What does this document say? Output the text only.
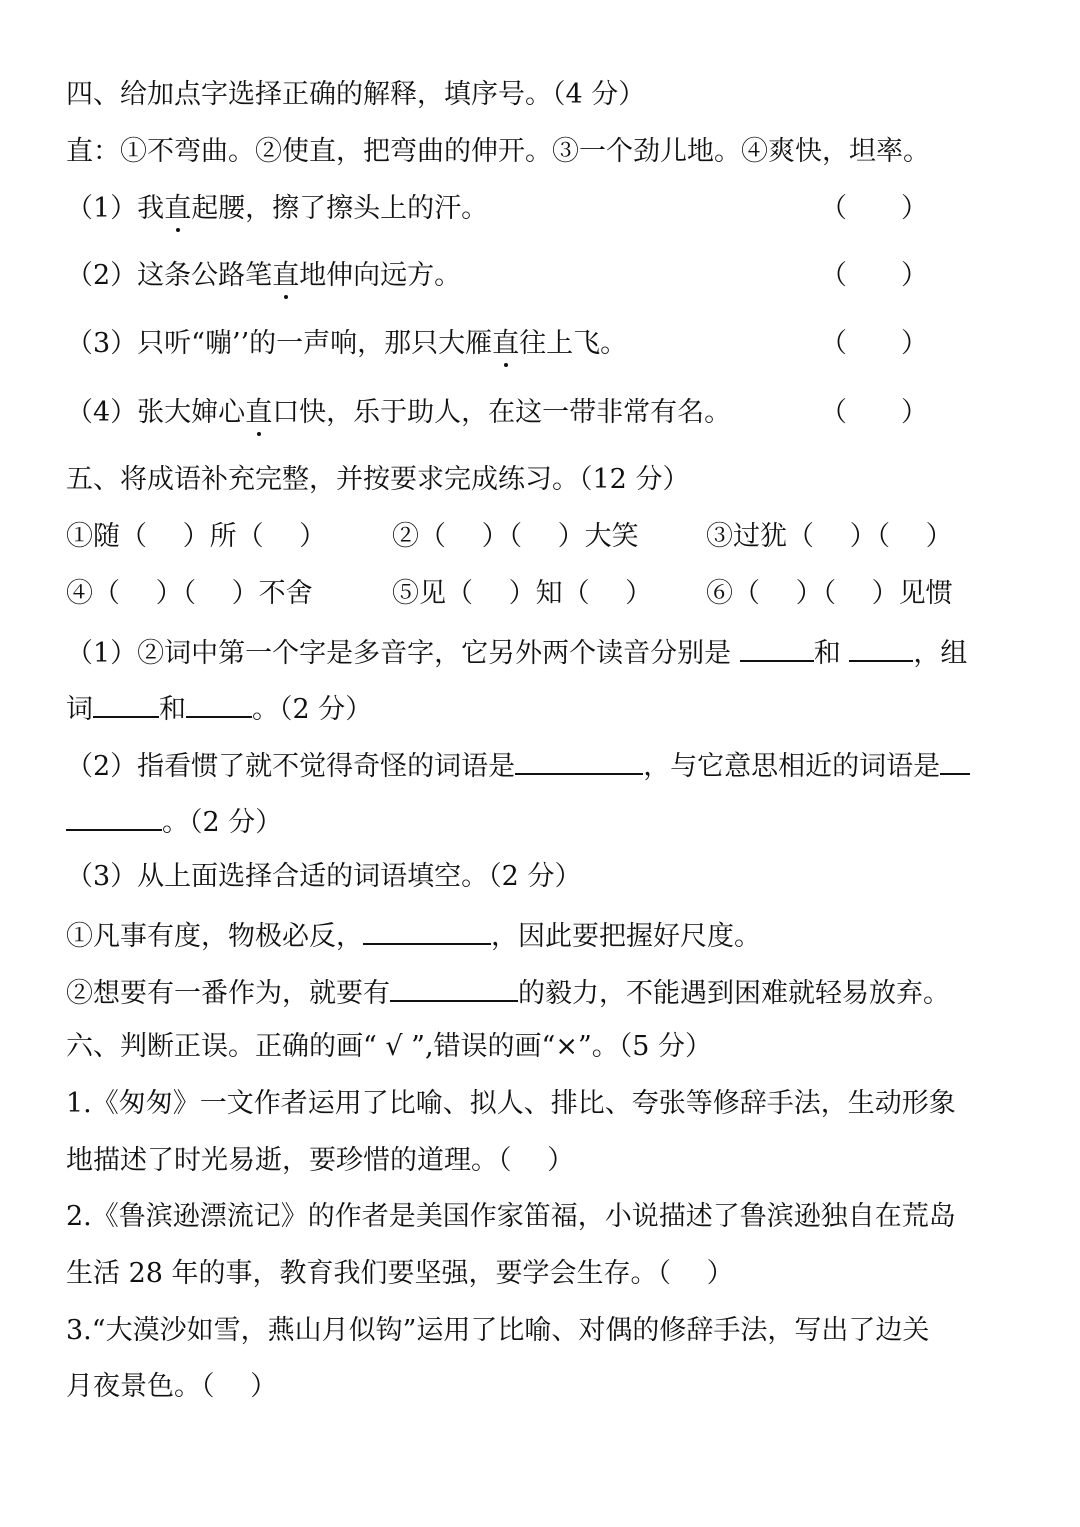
四、给加点字选择正确的解释，填序号。（4 分）
直：①不弯曲。②使直，把弯曲的伸开。③一个劲儿地。④爽快，坦率。
（1）我直起腰，擦了擦头上的汗。	（　　）
（2）这条公路笔直地伸向远方。	（　　）
（3）只听“嘣’’的一声响，那只大雁直往上飞。	（　　）
（4）张大婶心直口快，乐于助人，在这一带非常有名。	（　　）
五、将成语补充完整，并按要求完成练习。（12 分）
①随（　 ）所（　 ） ②（　 ）（　 ）大笑 ③过犹（　 ）（　 ）
④（　 ）（　 ）不舍	⑤见（　 ）知（　 ） ⑥（　 ）（　 ）见惯
（1）②词中第一个字是多音字，它另外两个读音分别是	和 ，组
词 和 。（2 分）
（2）指看惯了就不觉得奇怪的词语是	，与它意思相近的词语是
。（2 分）
（3）从上面选择合适的词语填空。（2 分）
①凡事有度，物极必反，	，因此要把握好尺度。
②想要有一番作为，就要有	的毅力，不能遇到困难就轻易放弃。
六、判断正误。正确的画“ √ ”,错误的画“×”。（5 分）
1.《匆匆》一文作者运用了比喻、拟人、排比、夸张等修辞手法，生动形象
地描述了时光易逝，要珍惜的道理。（　 ）
2.《鲁滨逊漂流记》的作者是美国作家笛福，小说描述了鲁滨逊独自在荒岛
生活 28 年的事，教育我们要坚强，要学会生存。（　 ）
3.“大漠沙如雪，燕山月似钩”运用了比喻、对偶的修辞手法，写出了边关
月夜景色。（　 ）
